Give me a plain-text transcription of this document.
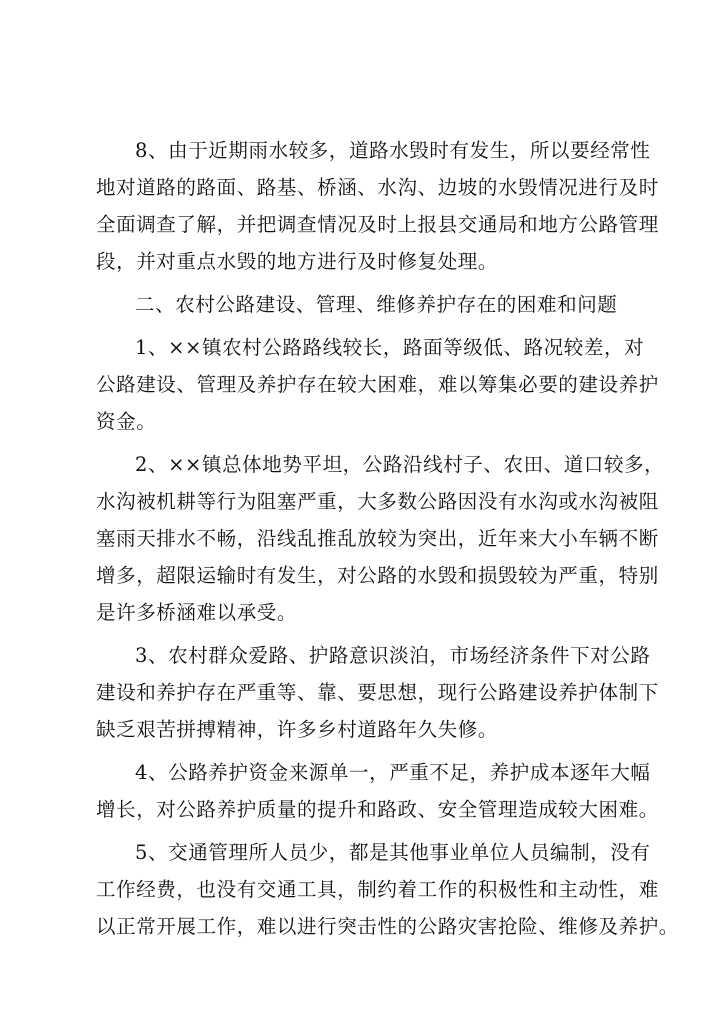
8、由于近期雨水较多，道路水毁时有发生，所以要经常性
地对道路的路面、路基、桥涵、水沟、边坡的水毁情况进行及时
全面调查了解，并把调查情况及时上报县交通局和地方公路管理
段，并对重点水毁的地方进行及时修复处理。
二、农村公路建设、管理、维修养护存在的困难和问题
1、××镇农村公路路线较长，路面等级低、路况较差，对
公路建设、管理及养护存在较大困难，难以筹集必要的建设养护
资金。
2、××镇总体地势平坦，公路沿线村子、农田、道口较多，
水沟被机耕等行为阻塞严重，大多数公路因没有水沟或水沟被阻
塞雨天排水不畅，沿线乱推乱放较为突出，近年来大小车辆不断
增多，超限运输时有发生，对公路的水毁和损毁较为严重，特别
是许多桥涵难以承受。
3、农村群众爱路、护路意识淡泊，市场经济条件下对公路
建设和养护存在严重等、靠、要思想，现行公路建设养护体制下
缺乏艰苦拼搏精神，许多乡村道路年久失修。
4、公路养护资金来源单一，严重不足，养护成本逐年大幅
增长，对公路养护质量的提升和路政、安全管理造成较大困难。
5、交通管理所人员少，都是其他事业单位人员编制，没有
工作经费，也没有交通工具，制约着工作的积极性和主动性，难
以正常开展工作，难以进行突击性的公路灾害抢险、维修及养护。
